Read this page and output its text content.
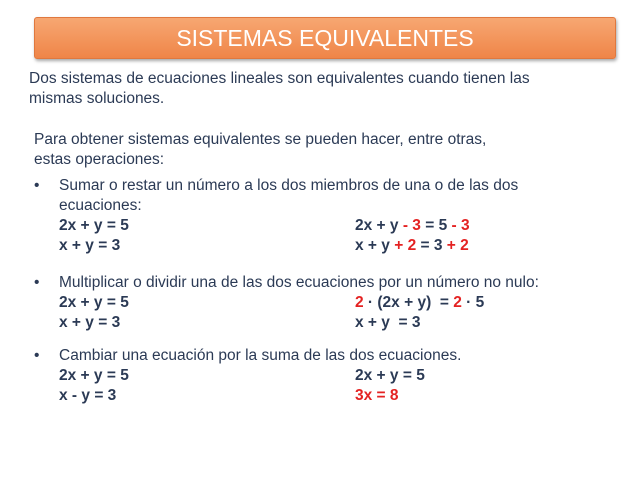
SISTEMAS EQUIVALENTES
Dos sistemas de ecuaciones lineales son equivalentes cuando tienen las
mismas soluciones.
Para obtener sistemas equivalentes se pueden hacer, entre otras,
estas operaciones:
• Sumar o restar un número a los dos miembros de una o de las dos
ecuaciones:
2x + y = 5	2x + y - 3 = 5 - 3
x + y = 3	x + y + 2 = 3 + 2
• Multiplicar o dividir una de las dos ecuaciones por un número no nulo:
2x + y = 5	2 · (2x + y)  = 2 · 5
x + y = 3	x + y  = 3
• Cambiar una ecuación por la suma de las dos ecuaciones.
2x + y = 5	2x + y = 5
x - y = 3	3x = 8
